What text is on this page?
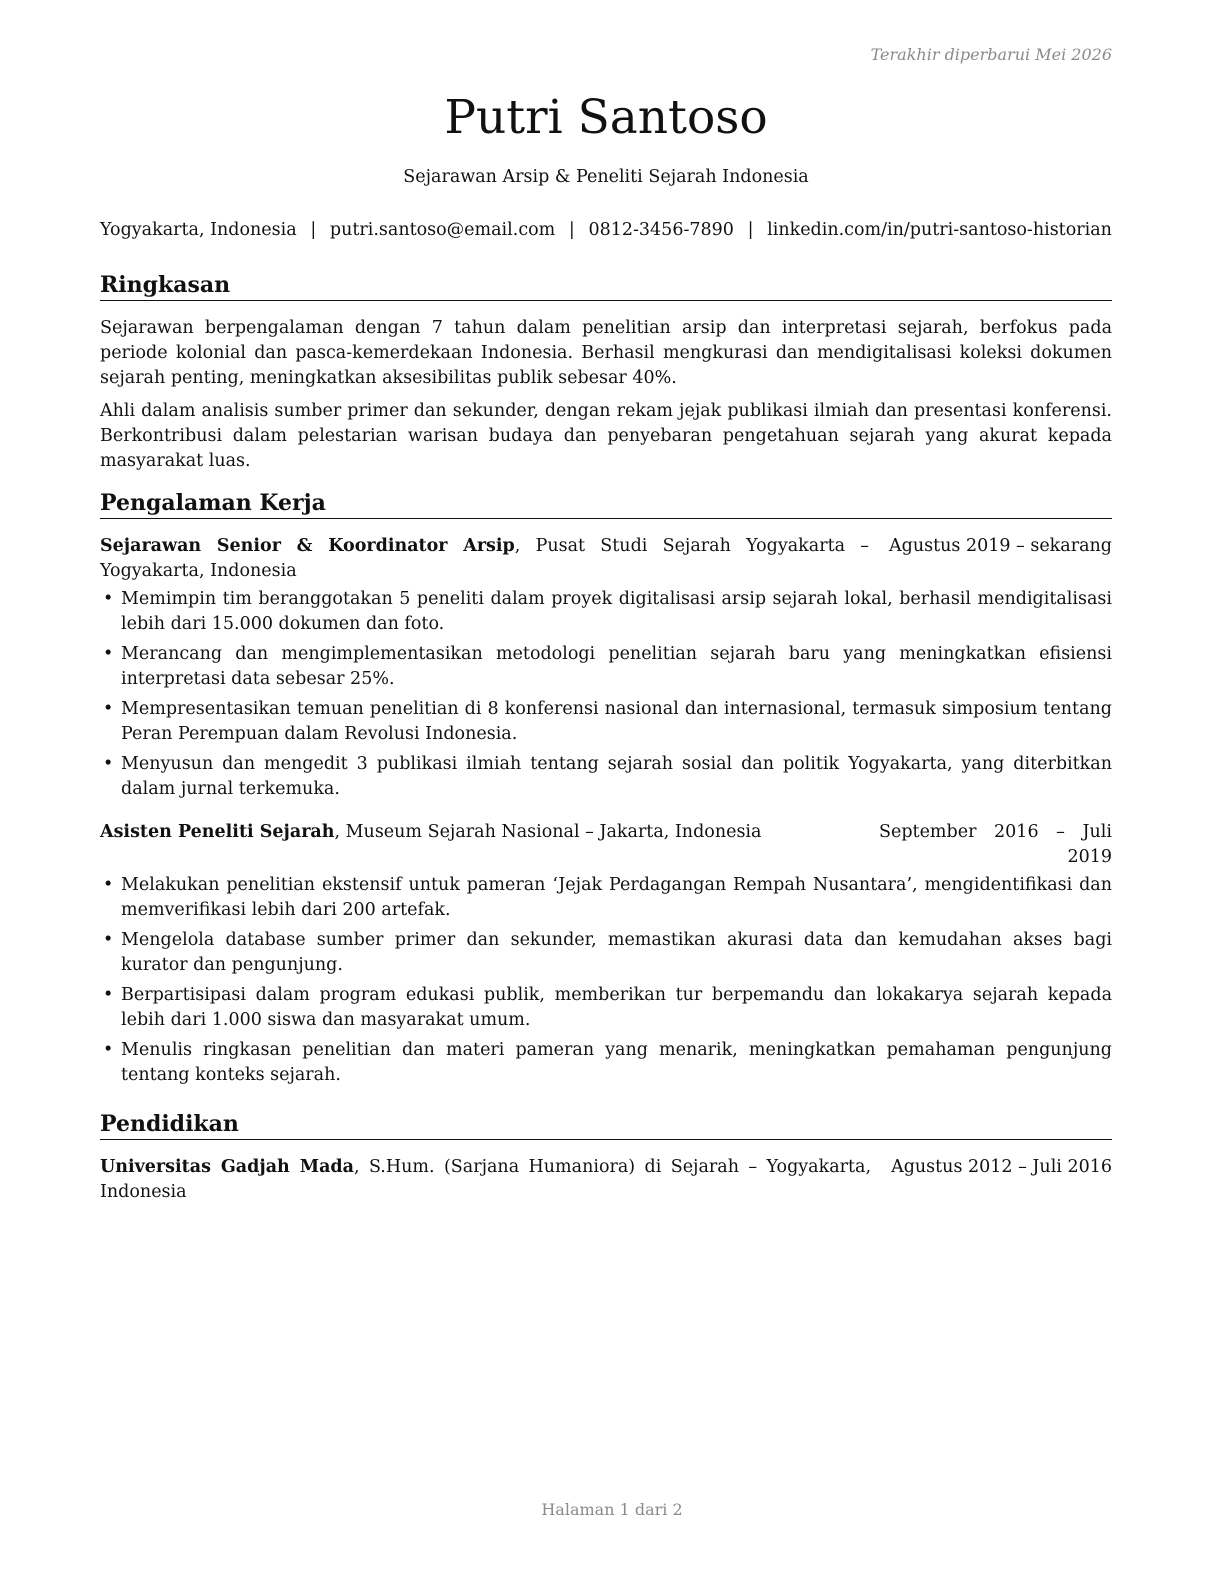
Terakhir diperbarui Mei 2026
Putri Santoso
Sejarawan Arsip & Peneliti Sejarah Indonesia
Yogyakarta, Indonesia | putri.santoso@email.com | 0812-3456-7890 | linkedin.com/in/putri-santoso-historian
Ringkasan

Sejarawan berpengalaman dengan 7 tahun dalam penelitian arsip dan interpretasi sejarah, berfokus pada periode kolonial dan pasca-kemerdekaan Indonesia. Berhasil mengkurasi dan mendigitalisasi koleksi dokumen sejarah penting, meningkatkan aksesibilitas publik sebesar 40%.

Ahli dalam analisis sumber primer dan sekunder, dengan rekam jejak publikasi ilmiah dan presentasi konferensi. Berkontribusi dalam pelestarian warisan budaya dan penyebaran pengetahuan sejarah yang akurat kepada masyarakat luas.

Pengalaman Kerja
Sejarawan Senior & Koordinator Arsip, Pusat Studi Sejarah Yogyakarta – Yogyakarta, Indonesia
Agustus 2019 – sekarang
• Memimpin tim beranggotakan 5 peneliti dalam proyek digitalisasi arsip sejarah lokal, berhasil mendigitalisasi lebih dari 15.000 dokumen dan foto.
• Merancang dan mengimplementasikan metodologi penelitian sejarah baru yang meningkatkan efisiensi interpretasi data sebesar 25%.
• Mempresentasikan temuan penelitian di 8 konferensi nasional dan internasional, termasuk simposium tentang Peran Perempuan dalam Revolusi Indonesia.
• Menyusun dan mengedit 3 publikasi ilmiah tentang sejarah sosial dan politik Yogyakarta, yang diterbitkan dalam jurnal terkemuka.
Asisten Peneliti Sejarah, Museum Sejarah Nasional – Jakarta, Indonesia	September 2016 – Juli 2019
• Melakukan penelitian ekstensif untuk pameran ‘Jejak Perdagangan Rempah Nusantara’, mengidentifikasi dan memverifikasi lebih dari 200 artefak.
• Mengelola database sumber primer dan sekunder, memastikan akurasi data dan kemudahan akses bagi kurator dan pengunjung.
• Berpartisipasi dalam program edukasi publik, memberikan tur berpemandu dan lokakarya sejarah kepada lebih dari 1.000 siswa dan masyarakat umum.
• Menulis ringkasan penelitian dan materi pameran yang menarik, meningkatkan pemahaman pengunjung tentang konteks sejarah.
Pendidikan
Universitas Gadjah Mada, S.Hum. (Sarjana Humaniora) di Sejarah – Yogyakarta, Indonesia
Agustus 2012 – Juli 2016
Halaman 1 dari 2
